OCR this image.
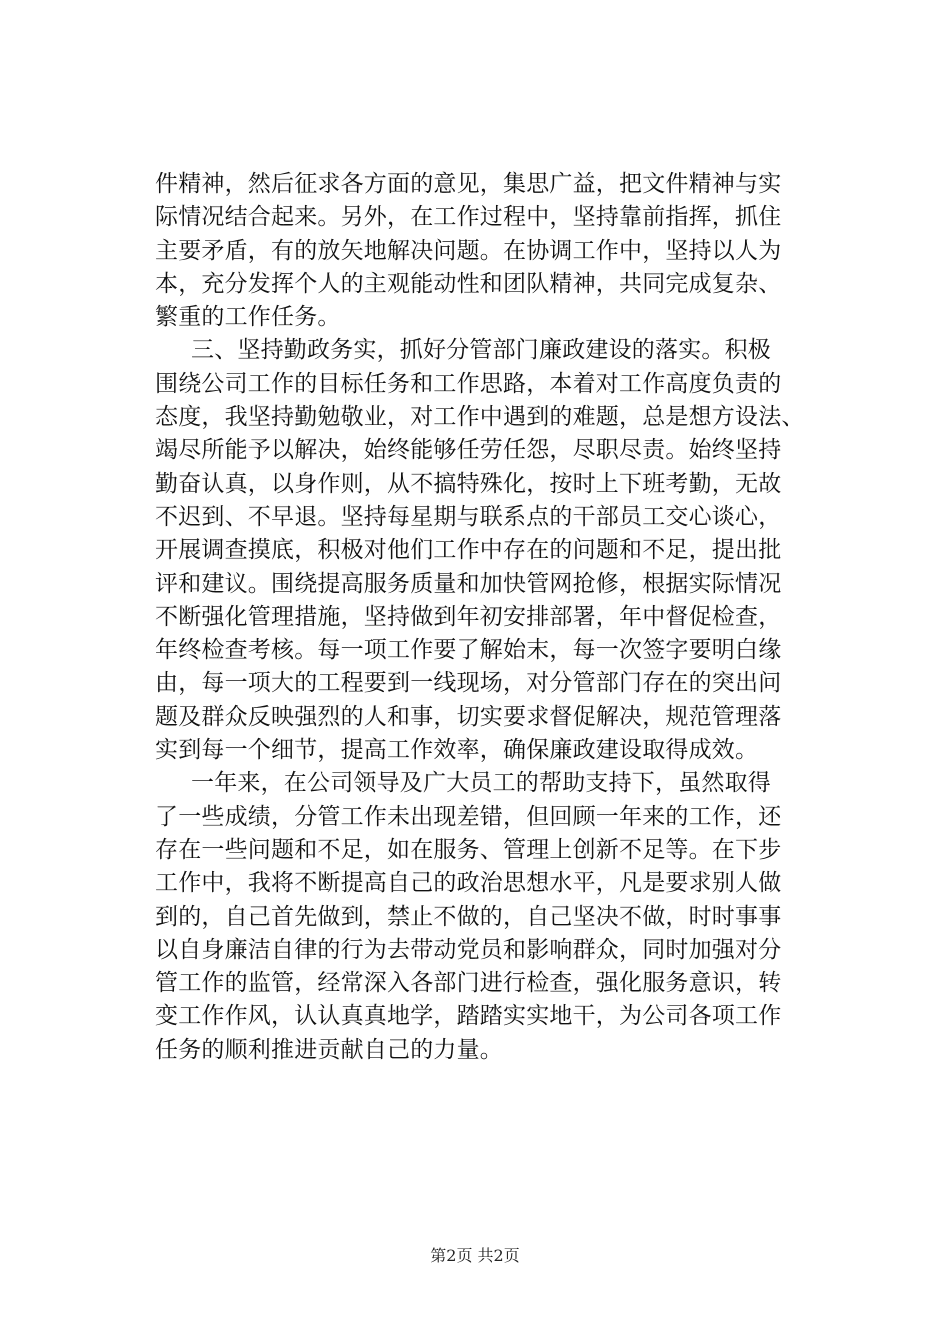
件精神，然后征求各方面的意见，集思广益，把文件精神与实
际情况结合起来。另外，在工作过程中，坚持靠前指挥，抓住
主要矛盾，有的放矢地解决问题。在协调工作中，坚持以人为
本，充分发挥个人的主观能动性和团队精神，共同完成复杂、
繁重的工作任务。
三、坚持勤政务实，抓好分管部门廉政建设的落实。积极
围绕公司工作的目标任务和工作思路，本着对工作高度负责的
态度，我坚持勤勉敬业，对工作中遇到的难题，总是想方设法、
竭尽所能予以解决，始终能够任劳任怨，尽职尽责。始终坚持
勤奋认真，以身作则，从不搞特殊化，按时上下班考勤，无故
不迟到、不早退。坚持每星期与联系点的干部员工交心谈心，
开展调查摸底，积极对他们工作中存在的问题和不足，提出批
评和建议。围绕提高服务质量和加快管网抢修，根据实际情况
不断强化管理措施，坚持做到年初安排部署，年中督促检查，
年终检查考核。每一项工作要了解始末，每一次签字要明白缘
由，每一项大的工程要到一线现场，对分管部门存在的突出问
题及群众反映强烈的人和事，切实要求督促解决，规范管理落
实到每一个细节，提高工作效率，确保廉政建设取得成效。
一年来，在公司领导及广大员工的帮助支持下，虽然取得
了一些成绩，分管工作未出现差错，但回顾一年来的工作，还
存在一些问题和不足，如在服务、管理上创新不足等。在下步
工作中，我将不断提高自己的政治思想水平，凡是要求别人做
到的，自己首先做到，禁止不做的，自己坚决不做，时时事事
以自身廉洁自律的行为去带动党员和影响群众，同时加强对分
管工作的监管，经常深入各部门进行检查，强化服务意识，转
变工作作风，认认真真地学，踏踏实实地干，为公司各项工作
任务的顺利推进贡献自己的力量。
第2页 共2页
